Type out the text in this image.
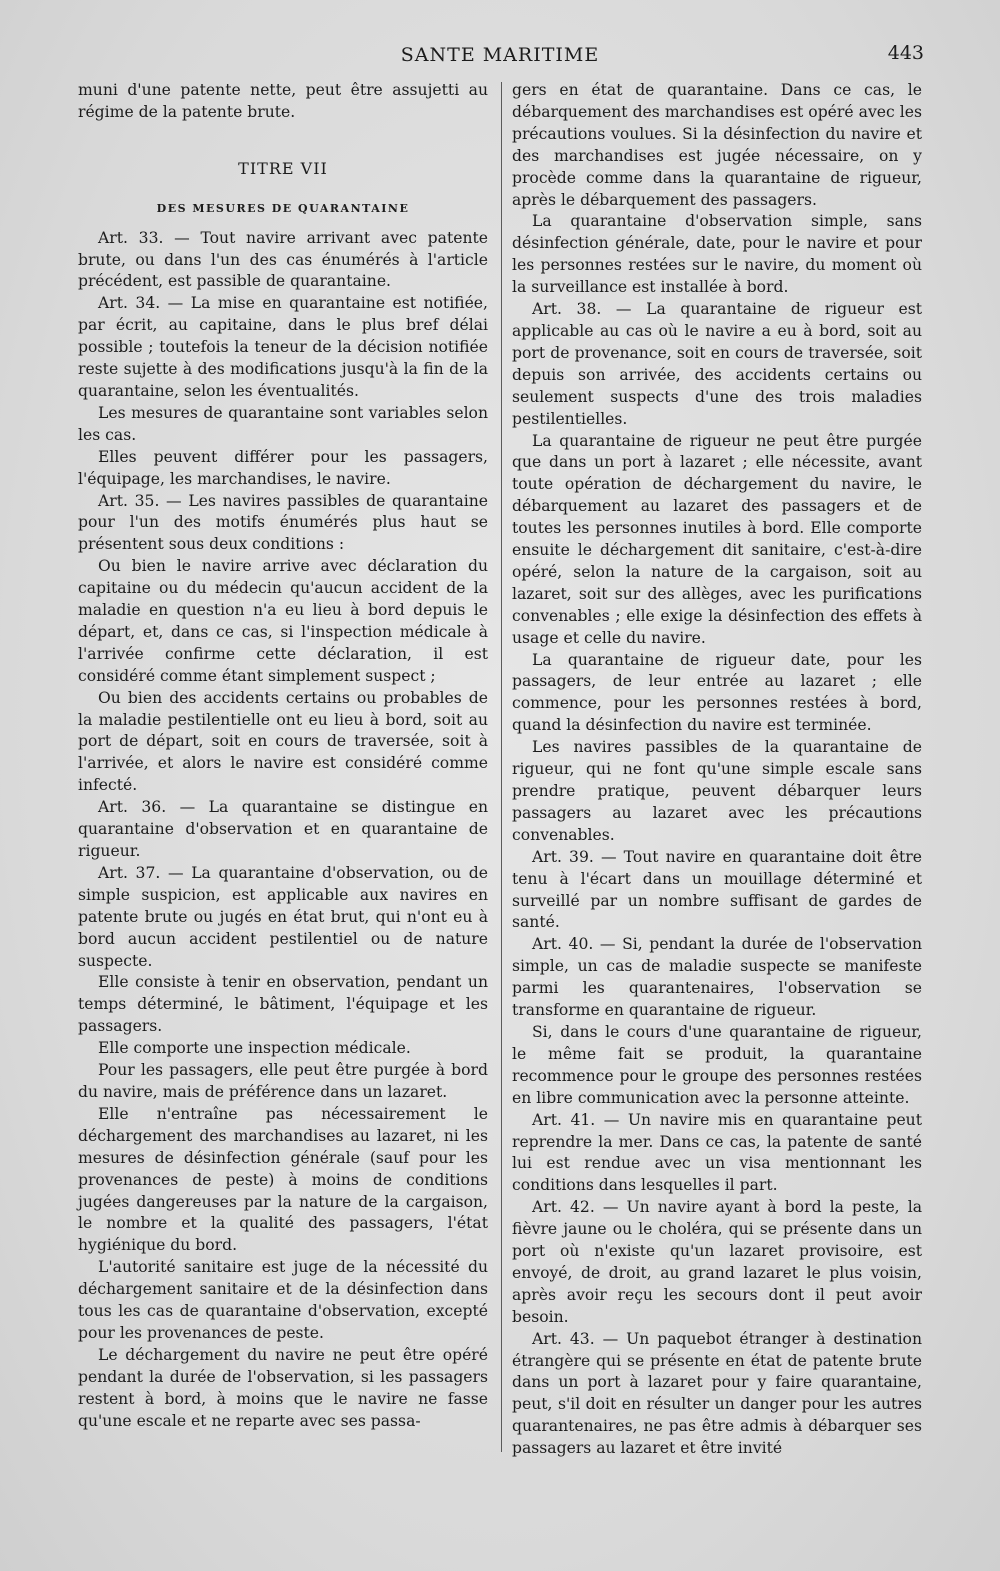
SANTE MARITIME	443

muni d'une patente nette, peut être assujetti au régime de la patente brute.

TITRE VII

DES MESURES DE QUARANTAINE

Art. 33. — Tout navire arrivant avec patente brute, ou dans l'un des cas énumérés à l'article précédent, est passible de quarantaine.

Art. 34. — La mise en quarantaine est notifiée, par écrit, au capitaine, dans le plus bref délai possible ; toutefois la teneur de la décision notifiée reste sujette à des modifications jusqu'à la fin de la quarantaine, selon les éventualités.

Les mesures de quarantaine sont variables selon les cas.

Elles peuvent différer pour les passagers, l'équipage, les marchandises, le navire.

Art. 35. — Les navires passibles de quarantaine pour l'un des motifs énumérés plus haut se présentent sous deux conditions :

Ou bien le navire arrive avec déclaration du capitaine ou du médecin qu'aucun accident de la maladie en question n'a eu lieu à bord depuis le départ, et, dans ce cas, si l'inspection médicale à l'arrivée confirme cette déclaration, il est considéré comme étant simplement suspect ;

Ou bien des accidents certains ou probables de la maladie pestilentielle ont eu lieu à bord, soit au port de départ, soit en cours de traversée, soit à l'arrivée, et alors le navire est considéré comme infecté.

Art. 36. — La quarantaine se distingue en quarantaine d'observation et en quarantaine de rigueur.

Art. 37. — La quarantaine d'observation, ou de simple suspicion, est applicable aux navires en patente brute ou jugés en état brut, qui n'ont eu à bord aucun accident pestilentiel ou de nature suspecte.

Elle consiste à tenir en observation, pendant un temps déterminé, le bâtiment, l'équipage et les passagers.

Elle comporte une inspection médicale.

Pour les passagers, elle peut être purgée à bord du navire, mais de préférence dans un lazaret.

Elle n'entraîne pas nécessairement le déchargement des marchandises au lazaret, ni les mesures de désinfection générale (sauf pour les provenances de peste) à moins de conditions jugées dangereuses par la nature de la cargaison, le nombre et la qualité des passagers, l'état hygiénique du bord.

L'autorité sanitaire est juge de la nécessité du déchargement sanitaire et de la désinfection dans tous les cas de quarantaine d'observation, excepté pour les provenances de peste.

Le déchargement du navire ne peut être opéré pendant la durée de l'observation, si les passagers restent à bord, à moins que le navire ne fasse qu'une escale et ne reparte avec ses passa-

gers en état de quarantaine. Dans ce cas, le débarquement des marchandises est opéré avec les précautions voulues. Si la désinfection du navire et des marchandises est jugée nécessaire, on y procède comme dans la quarantaine de rigueur, après le débarquement des passagers.

La quarantaine d'observation simple, sans désinfection générale, date, pour le navire et pour les personnes restées sur le navire, du moment où la surveillance est installée à bord.

Art. 38. — La quarantaine de rigueur est applicable au cas où le navire a eu à bord, soit au port de provenance, soit en cours de traversée, soit depuis son arrivée, des accidents certains ou seulement suspects d'une des trois maladies pestilentielles.

La quarantaine de rigueur ne peut être purgée que dans un port à lazaret ; elle nécessite, avant toute opération de déchargement du navire, le débarquement au lazaret des passagers et de toutes les personnes inutiles à bord. Elle comporte ensuite le déchargement dit sanitaire, c'est-à-dire opéré, selon la nature de la cargaison, soit au lazaret, soit sur des allèges, avec les purifications convenables ; elle exige la désinfection des effets à usage et celle du navire.

La quarantaine de rigueur date, pour les passagers, de leur entrée au lazaret ; elle commence, pour les personnes restées à bord, quand la désinfection du navire est terminée.

Les navires passibles de la quarantaine de rigueur, qui ne font qu'une simple escale sans prendre pratique, peuvent débarquer leurs passagers au lazaret avec les précautions convenables.

Art. 39. — Tout navire en quarantaine doit être tenu à l'écart dans un mouillage déterminé et surveillé par un nombre suffisant de gardes de santé.

Art. 40. — Si, pendant la durée de l'observation simple, un cas de maladie suspecte se manifeste parmi les quarantenaires, l'observation se transforme en quarantaine de rigueur.

Si, dans le cours d'une quarantaine de rigueur, le même fait se produit, la quarantaine recommence pour le groupe des personnes restées en libre communication avec la personne atteinte.

Art. 41. — Un navire mis en quarantaine peut reprendre la mer. Dans ce cas, la patente de santé lui est rendue avec un visa mentionnant les conditions dans lesquelles il part.

Art. 42. — Un navire ayant à bord la peste, la fièvre jaune ou le choléra, qui se présente dans un port où n'existe qu'un lazaret provisoire, est envoyé, de droit, au grand lazaret le plus voisin, après avoir reçu les secours dont il peut avoir besoin.

Art. 43. — Un paquebot étranger à destination étrangère qui se présente en état de patente brute dans un port à lazaret pour y faire quarantaine, peut, s'il doit en résulter un danger pour les autres quarantenaires, ne pas être admis à débarquer ses passagers au lazaret et être invité
